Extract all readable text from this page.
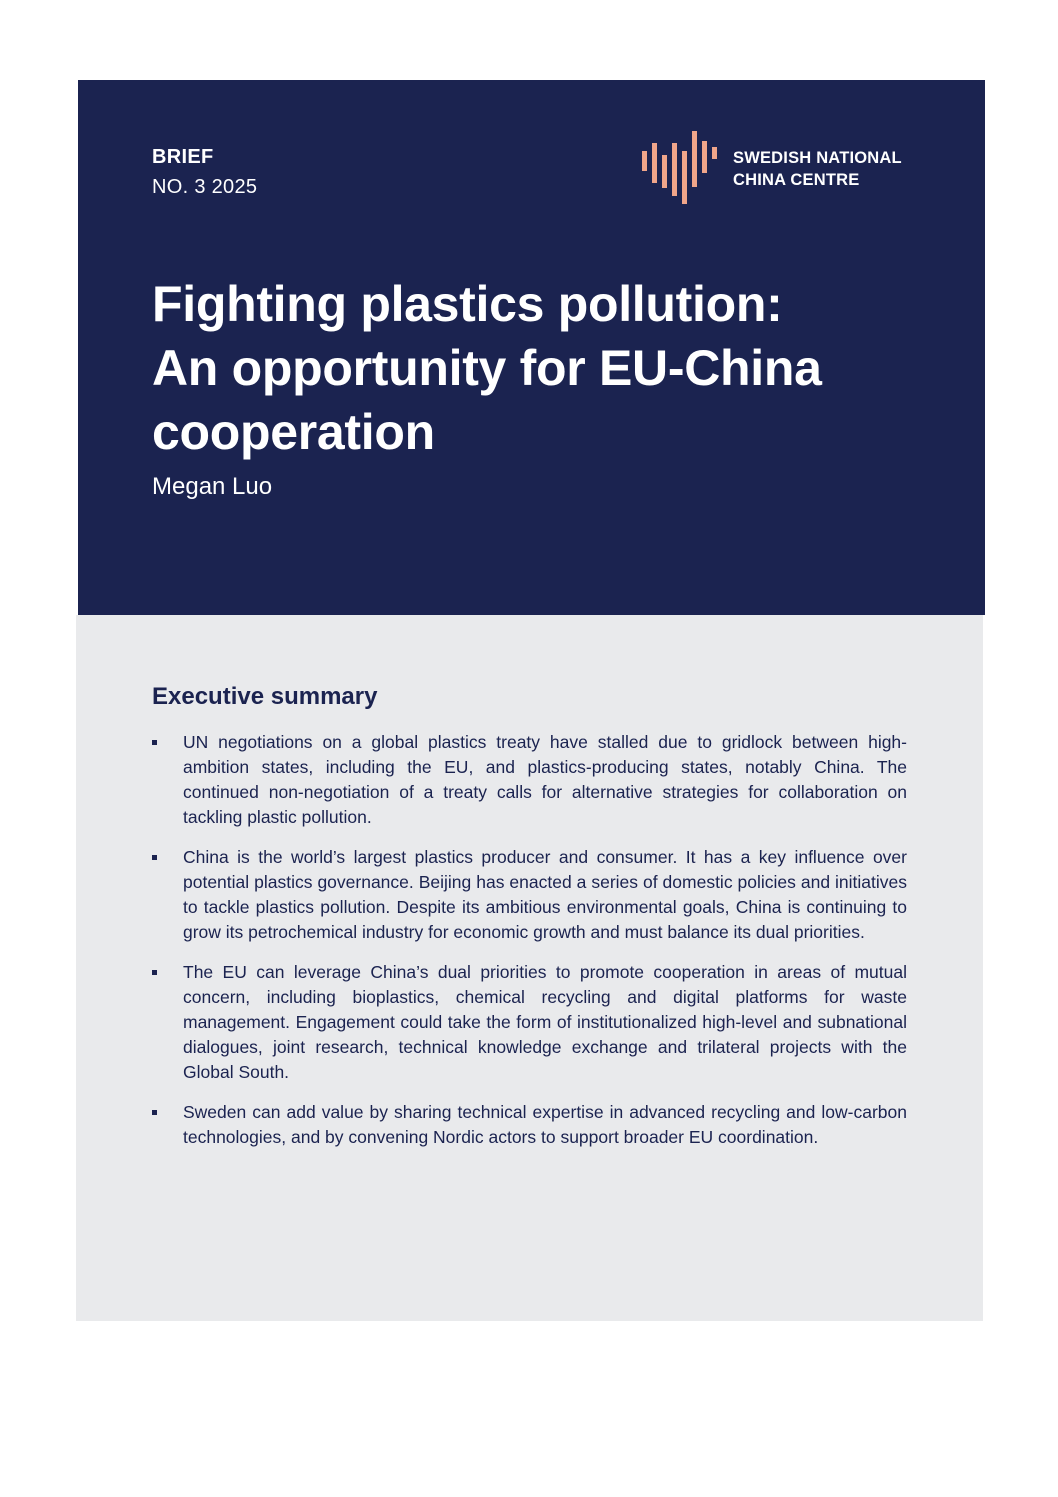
BRIEF
NO. 3 2025
SWEDISH NATIONAL
CHINA CENTRE
Fighting plastics pollution:
An opportunity for EU-China
cooperation
Megan Luo
Executive summary
UN negotiations on a global plastics treaty have stalled due to gridlock between high-ambition states, including the EU, and plastics-producing states, notably China. The continued non-negotiation of a treaty calls for alternative strategies for collaboration on tackling plastic pollution.
China is the world’s largest plastics producer and consumer. It has a key influence over potential plastics governance. Beijing has enacted a series of domestic policies and initiatives to tackle plastics pollution. Despite its ambitious environmental goals, China is continuing to grow its petrochemical industry for economic growth and must balance its dual priorities.
The EU can leverage China’s dual priorities to promote cooperation in areas of mutual concern, including bioplastics, chemical recycling and digital platforms for waste management. Engagement could take the form of institutionalized high-level and subnational dialogues, joint research, technical knowledge exchange and trilateral projects with the Global South.
Sweden can add value by sharing technical expertise in advanced recycling and low-carbon technologies, and by convening Nordic actors to support broader EU coordination.
